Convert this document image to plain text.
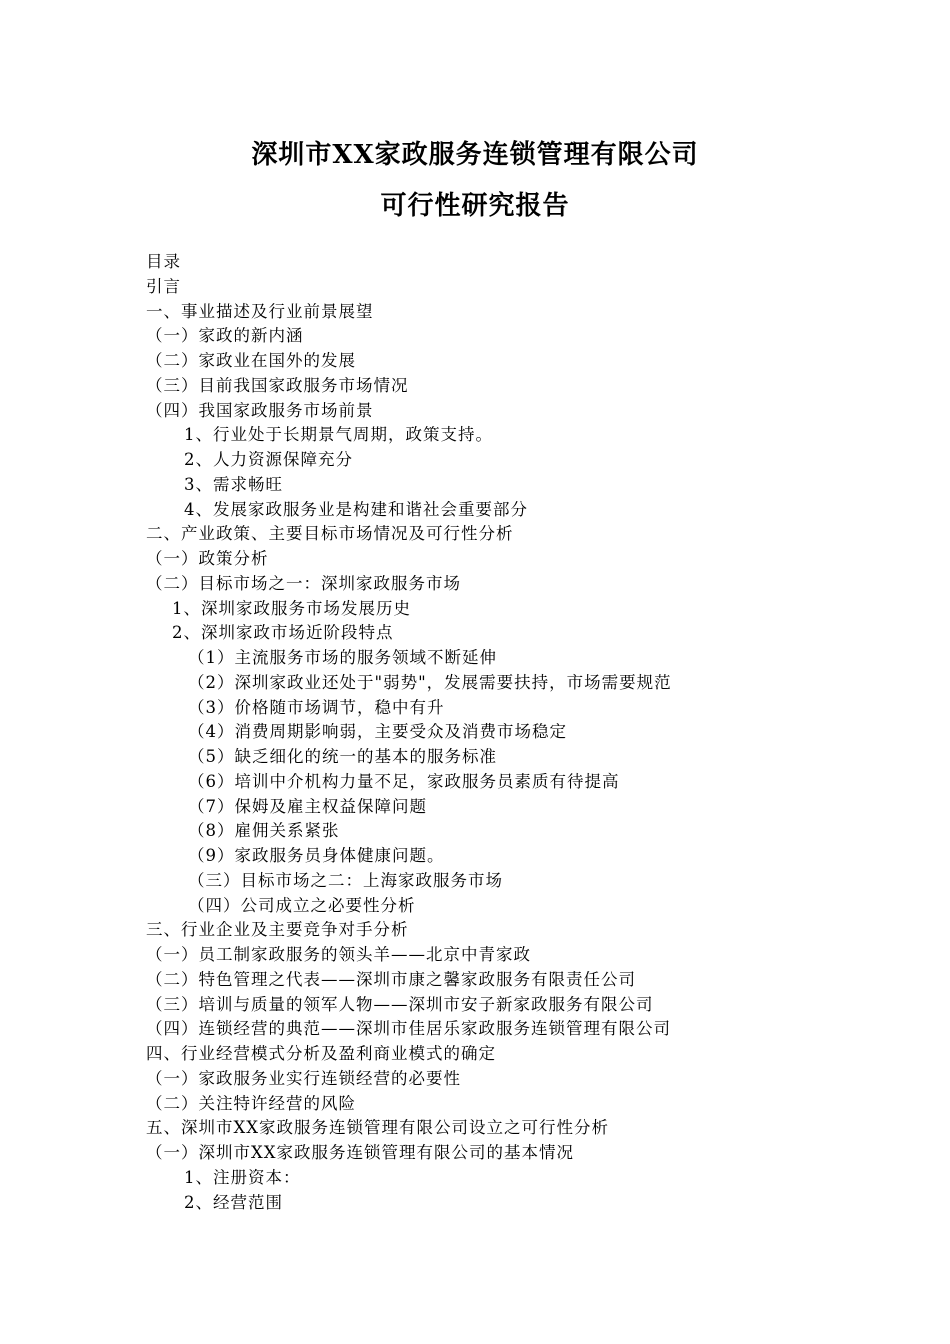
深圳市XX家政服务连锁管理有限公司
可行性研究报告
目录
引言
一、事业描述及行业前景展望
（一）家政的新内涵
（二）家政业在国外的发展
（三）目前我国家政服务市场情况
（四）我国家政服务市场前景
1、行业处于长期景气周期，政策支持。
2、人力资源保障充分
3、需求畅旺
4、发展家政服务业是构建和谐社会重要部分
二、产业政策、主要目标市场情况及可行性分析
（一）政策分析
（二）目标市场之一：深圳家政服务市场
1、深圳家政服务市场发展历史
2、深圳家政市场近阶段特点
（1）主流服务市场的服务领域不断延伸
（2）深圳家政业还处于"弱势"，发展需要扶持，市场需要规范
（3）价格随市场调节，稳中有升
（4）消费周期影响弱，主要受众及消费市场稳定
（5）缺乏细化的统一的基本的服务标准
（6）培训中介机构力量不足，家政服务员素质有待提高
（7）保姆及雇主权益保障问题
（8）雇佣关系紧张
（9）家政服务员身体健康问题。
（三）目标市场之二：上海家政服务市场
（四）公司成立之必要性分析
三、行业企业及主要竞争对手分析
（一）员工制家政服务的领头羊——北京中青家政
（二）特色管理之代表——深圳市康之馨家政服务有限责任公司
（三）培训与质量的领军人物——深圳市安子新家政服务有限公司
（四）连锁经营的典范——深圳市佳居乐家政服务连锁管理有限公司
四、行业经营模式分析及盈利商业模式的确定
（一）家政服务业实行连锁经营的必要性
（二）关注特许经营的风险
五、深圳市XX家政服务连锁管理有限公司设立之可行性分析
（一）深圳市XX家政服务连锁管理有限公司的基本情况
1、注册资本：
2、经营范围
